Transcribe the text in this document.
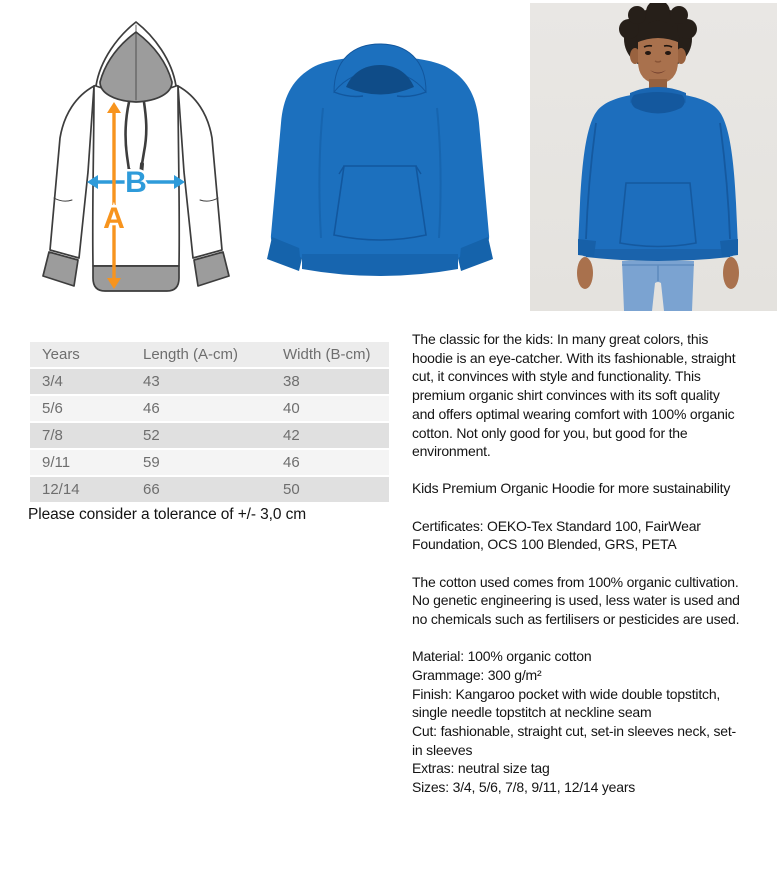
B
A
Years	Length (A-cm)	Width (B-cm)
3/4	43	38
5/6	46	40
7/8	52	42
9/11	59	46
12/14	66	50
Please consider a tolerance of +/- 3,0 cm

The classic for the kids: In many great colors, this hoodie is an eye-catcher. With its fashionable, straight cut, it convinces with style and functionality. This premium organic shirt convinces with its soft quality and offers optimal wearing comfort with 100% organic cotton. Not only good for you, but good for the environment.

Kids Premium Organic Hoodie for more sustainability

Certificates: OEKO-Tex Standard 100, FairWear Foundation, OCS 100 Blended, GRS, PETA

The cotton used comes from 100% organic cultivation. No genetic engineering is used, less water is used and no chemicals such as fertilisers or pesticides are used.

Material: 100% organic cotton
Grammage: 300 g/m²
Finish: Kangaroo pocket with wide double topstitch, single needle topstitch at neckline seam
Cut: fashionable, straight cut, set-in sleeves neck, set-in sleeves
Extras: neutral size tag
Sizes: 3/4, 5/6, 7/8, 9/11, 12/14 years
